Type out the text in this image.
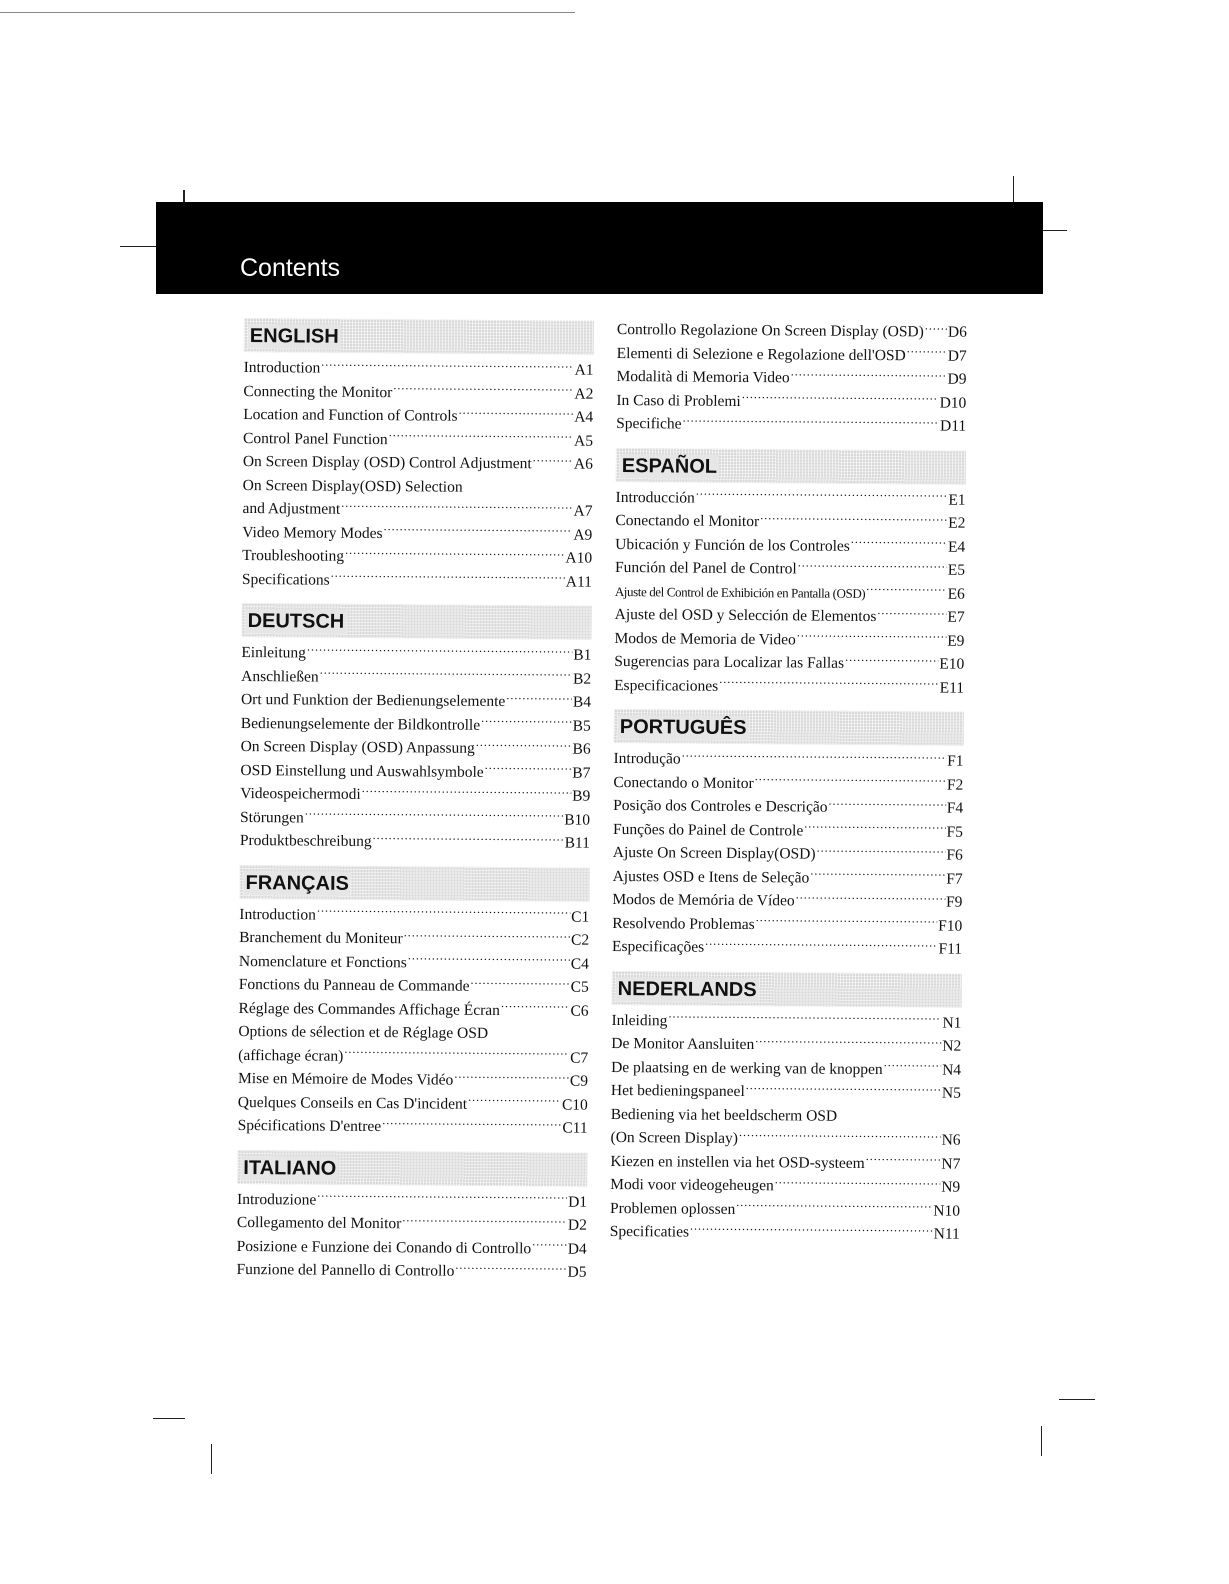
Contents
ENGLISH
Introduction .....	A1
Connecting the Monitor .....	A2
Location and Function of Controls .....	A4
Control Panel Function .....	A5
On Screen Display (OSD) Control Adjustment .....	A6
On Screen Display(OSD) Selection
and Adjustment .....	A7
Video Memory Modes .....	A9
Troubleshooting .....	A10
Specifications .....	A11
DEUTSCH
Einleitung .....	B1
Anschließen .....	B2
Ort und Funktion der Bedienungselemente .....	B4
Bedienungselemente der Bildkontrolle .....	B5
On Screen Display (OSD) Anpassung .....	B6
OSD Einstellung und Auswahlsymbole .....	B7
Videospeichermodi .....	B9
Störungen .....	B10
Produktbeschreibung .....	B11
FRANÇAIS
Introduction .....	C1
Branchement du Moniteur .....	C2
Nomenclature et Fonctions .....	C4
Fonctions du Panneau de Commande .....	C5
Réglage des Commandes Affichage Écran .....	C6
Options de sélection et de Réglage OSD
(affichage écran) .....	C7
Mise en Mémoire de Modes Vidéo .....	C9
Quelques Conseils en Cas D'incident .....	C10
Spécifications D'entree .....	C11
ITALIANO
Introduzione .....	D1
Collegamento del Monitor .....	D2
Posizione e Funzione dei Conando di Controllo ..... D4
Funzione del Pannello di Controllo .....	D5
Controllo Regolazione On Screen Display (OSD) ..... D6
Elementi di Selezione e Regolazione dell'OSD .....	D7
Modalità di Memoria Video .....	D9
In Caso di Problemi .....	D10
Specifiche .....	D11
ESPAÑOL
Introducción .....	E1
Conectando el Monitor .....	E2
Ubicación y Función de los Controles .....	E4
Función del Panel de Control .....	E5
Ajuste del Control de Exhibición en Pantalla (OSD) .....	E6
Ajuste del OSD y Selección de Elementos .....	E7
Modos de Memoria de Video .....	E9
Sugerencias para Localizar las Fallas .....	E10
Especificaciones .....	E11
PORTUGUÊS
Introdução .....	F1
Conectando o Monitor .....	F2
Posição dos Controles e Descrição .....	F4
Funções do Painel de Controle .....	F5
Ajuste On Screen Display(OSD) .....	F6
Ajustes OSD e Itens de Seleção .....	F7
Modos de Memória de Vídeo .....	F9
Resolvendo Problemas .....	F10
Especificações .....	F11
NEDERLANDS
Inleiding .....	N1
De Monitor Aansluiten .....	N2
De plaatsing en de werking van de knoppen .....	N4
Het bedieningspaneel .....	N5
Bediening via het beeldscherm OSD
(On Screen Display) .....	N6
Kiezen en instellen via het OSD-systeem .....	N7
Modi voor videogeheugen .....	N9
Problemen oplossen .....	N10
Specificaties .....	N11
